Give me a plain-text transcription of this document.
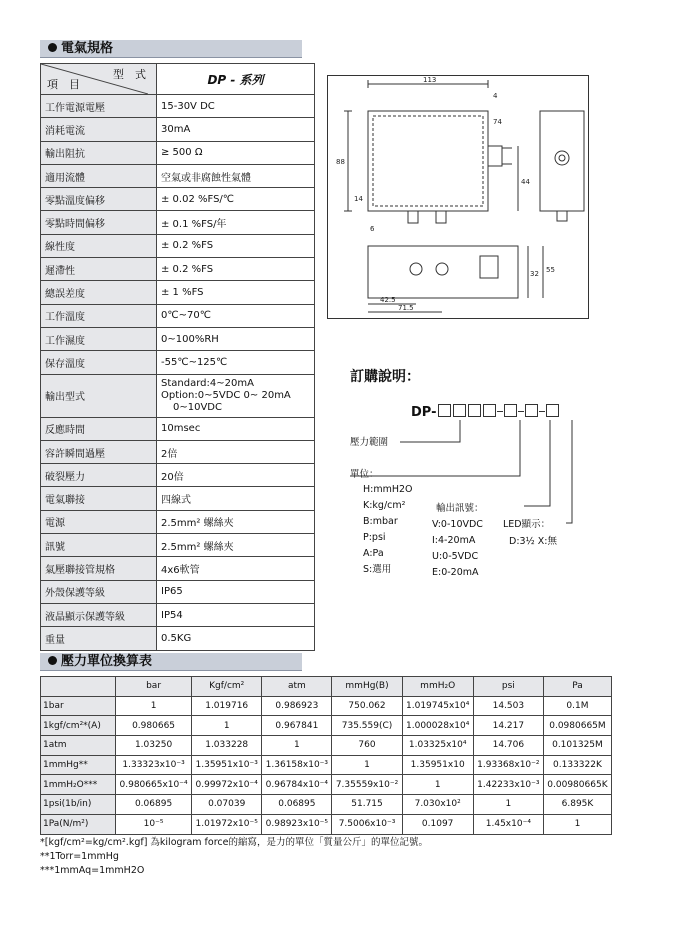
電氣規格
型　式
項　目	DP - 系列
工作電源電壓	15-30V DC
消耗電流	30mA
輸出阻抗	≥ 500 Ω
適用流體	空氣或非腐蝕性氣體
零點溫度偏移	± 0.02 %FS/℃
零點時間偏移	± 0.1 %FS/年
線性度	± 0.2 %FS
遲滯性	± 0.2 %FS
總誤差度	± 1 %FS
工作溫度	0℃~70℃
工作濕度	0~100%RH
保存溫度	-55℃~125℃
輸出型式	Standard:4~20mA
Option:0~5VDC 0~ 20mA
0~10VDC

反應時間	10msec
容許瞬間過壓	2倍
破裂壓力	20倍
電氣聯接	四線式
電源	2.5mm² 螺絲夾
訊號	2.5mm² 螺絲夾
氣壓聯接管規格	4x6軟管
外殼保護等級	IP65
液晶顯示保護等級	IP54
重量	0.5KG
113
4
74
88
14
6
44
42.5
71.5
32 55
訂購說明：
DP-
壓力範圍
單位：
H:mmH2O
K:kg/cm²
B:mbar
P:psi
A:Pa
S:選用
輸出訊號：
V:0-10VDC
I:4-20mA
U:0-5VDC
E:0-20mA
LED顯示：
D:3½ X:無
壓力單位換算表
	bar	Kgf/cm²	atm	mmHg(B)	mmH₂O	psi	Pa
1bar	1	1.019716	0.986923	750.062	1.019745x10⁴	14.503	0.1M
1kgf/cm²*(A)	0.980665	1	0.967841	735.559(C)	1.000028x10⁴	14.217	0.0980665M
1atm	1.03250	1.033228	1	760	1.03325x10⁴	14.706	0.101325M
1mmHg**	1.33323x10⁻³	1.35951x10⁻³	1.36158x10⁻³	1	1.35951x10	1.93368x10⁻²	0.133322K
1mmH₂O***	0.980665x10⁻⁴	0.99972x10⁻⁴	0.96784x10⁻⁴	7.35559x10⁻²	1	1.42233x10⁻³	0.00980665K
1psi(1b/in)	0.06895	0.07039	0.06895	51.715	7.030x10²	1	6.895K
1Pa(N/m²)	10⁻⁵	1.01972x10⁻⁵	0.98923x10⁻⁵	7.5006x10⁻³	0.1097	1.45x10⁻⁴	1
*[kgf/cm²=kg/cm².kgf] 為kilogram force的縮寫，是力的單位「質量公斤」的單位記號。
**1Torr=1mmHg
***1mmAq=1mmH2O
